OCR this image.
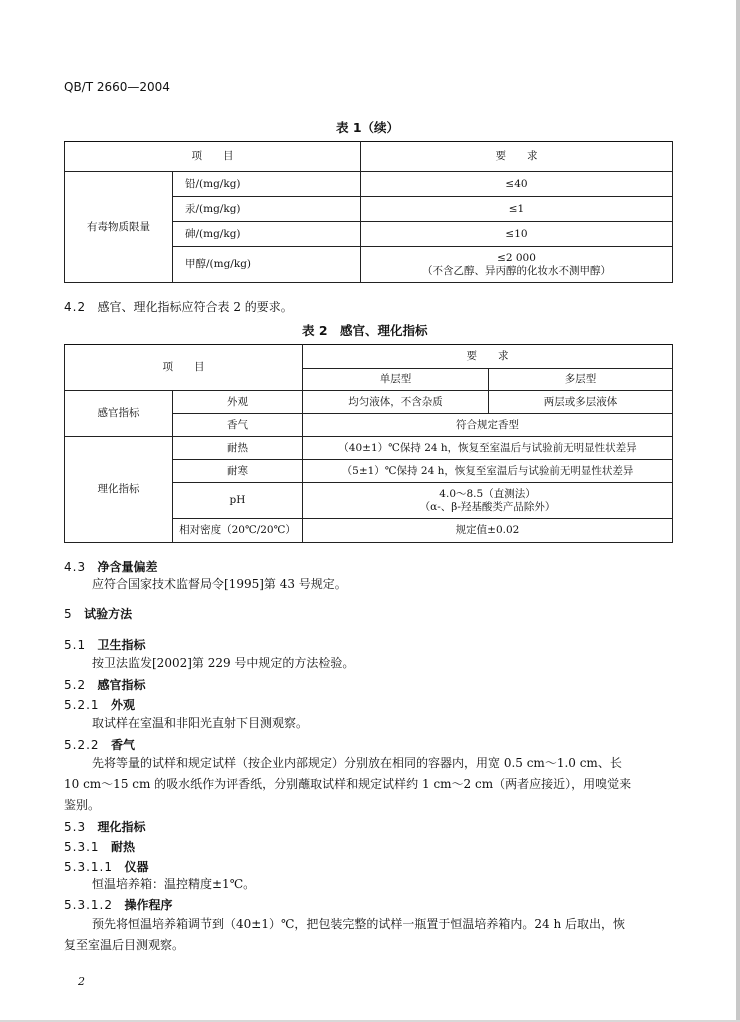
QB/T 2660—2004
表 1（续）
项　　目		要　　求
有毒物质限量	铅/(mg/kg)	≤40
	汞/(mg/kg)	≤1
	砷/(mg/kg)	≤10
	甲醇/(mg/kg)	≤2 000
（不含乙醇、异丙醇的化妆水不测甲醇）
4.2 感官、理化指标应符合表 2 的要求。
表 2　感官、理化指标
项　　目		要　　求	
		单层型	多层型
感官指标	外观	均匀液体，不含杂质	两层或多层液体
	香气	符合规定香型	
理化指标	耐热	（40±1）℃保持 24 h，恢复至室温后与试验前无明显性状差异	
	耐寒	（5±1）℃保持 24 h，恢复至室温后与试验前无明显性状差异	
	pH	4.0～8.5（直测法）
（α-、β-羟基酸类产品除外）	

	相对密度（20℃/20℃）	规定值±0.02	
4.3 净含量偏差
应符合国家技术监督局令[1995]第 43 号规定。
5 试验方法
5.1 卫生指标
按卫法监发[2002]第 229 号中规定的方法检验。
5.2 感官指标
5.2.1 外观
取试样在室温和非阳光直射下目测观察。
5.2.2 香气
先将等量的试样和规定试样（按企业内部规定）分别放在相同的容器内，用宽 0.5 cm～1.0 cm、长
10 cm～15 cm 的吸水纸作为评香纸，分别蘸取试样和规定试样约 1 cm～2 cm（两者应接近），用嗅觉来
鉴别。
5.3 理化指标
5.3.1 耐热
5.3.1.1 仪器
恒温培养箱：温控精度±1℃。
5.3.1.2 操作程序
预先将恒温培养箱调节到（40±1）℃，把包装完整的试样一瓶置于恒温培养箱内。24 h 后取出，恢
复至室温后目测观察。
2
